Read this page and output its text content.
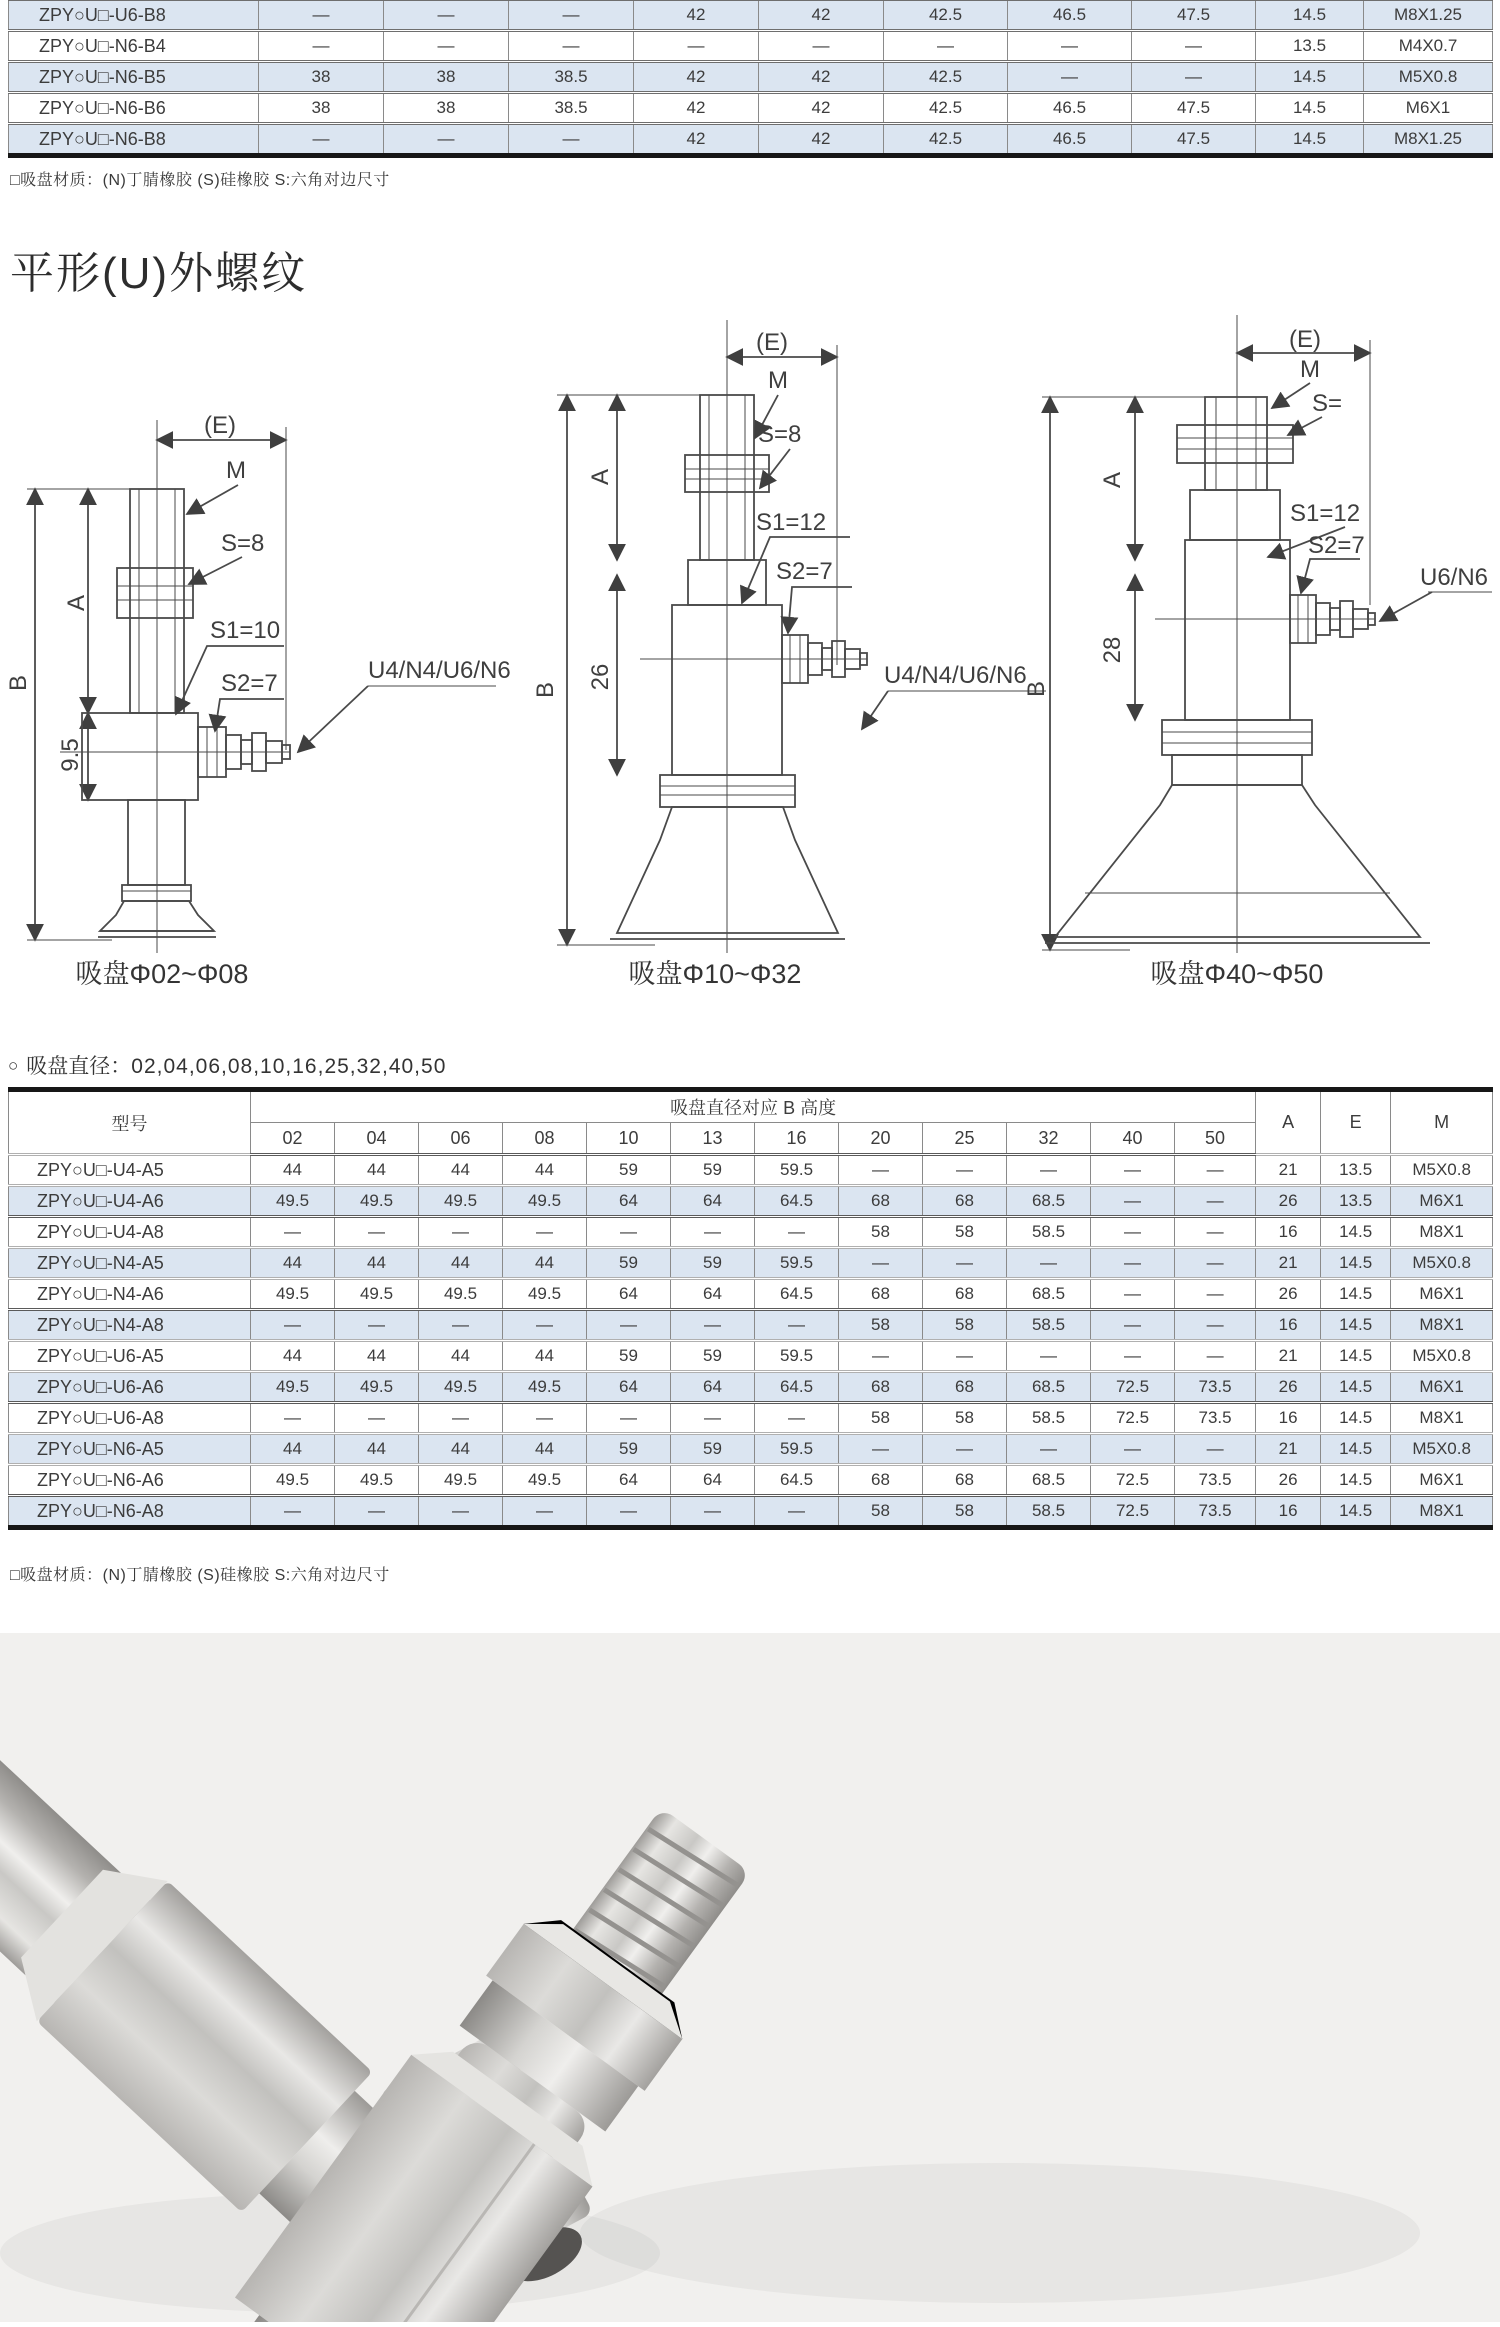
ZPY○U□-U6-B8	—	—	—	42	42	42.5	46.5	47.5	14.5	M8X1.25
ZPY○U□-N6-B4	—	—	—	—	—	—	—	—	13.5	M4X0.7
ZPY○U□-N6-B5	38	38	38.5	42	42	42.5	—	—	14.5	M5X0.8
ZPY○U□-N6-B6	38	38	38.5	42	42	42.5	46.5	47.5	14.5	M6X1
ZPY○U□-N6-B8	—	—	—	42	42	42.5	46.5	47.5	14.5	M8X1.25
□吸盘材质：(N)丁腈橡胶 (S)硅橡胶 S:六角对边尺寸
平形(U)外螺纹
(E)
M
S=8
S1=10
S2=7
A
B
9.5
U4/N4/U6/N6
吸盘Φ02~Φ08
(E)
M
S=8
S1=12
S2=7
A
B 26	U4/N4/U6/N6
吸盘Φ10~Φ32
(E)
M
S=
S1=12
S2=7
A
B
28
U6/N6
吸盘Φ40~Φ50
○ 吸盘直径：02,04,06,08,10,16,25,32,40,50
型号	吸盘直径对应 B 高度												A	E	M
	02	04	06	08	10	13	16	20	25	32	40	50			
ZPY○U□-U4-A5	44	44	44	44	59	59	59.5	—	—	—	—	—	21	13.5	M5X0.8
ZPY○U□-U4-A6	49.5	49.5	49.5	49.5	64	64	64.5	68	68	68.5	—	—	26	13.5	M6X1
ZPY○U□-U4-A8	—	—	—	—	—	—	—	58	58	58.5	—	—	16	14.5	M8X1
ZPY○U□-N4-A5	44	44	44	44	59	59	59.5	—	—	—	—	—	21	14.5	M5X0.8
ZPY○U□-N4-A6	49.5	49.5	49.5	49.5	64	64	64.5	68	68	68.5	—	—	26	14.5	M6X1
ZPY○U□-N4-A8	—	—	—	—	—	—	—	58	58	58.5	—	—	16	14.5	M8X1
ZPY○U□-U6-A5	44	44	44	44	59	59	59.5	—	—	—	—	—	21	14.5	M5X0.8
ZPY○U□-U6-A6	49.5	49.5	49.5	49.5	64	64	64.5	68	68	68.5	72.5	73.5	26	14.5	M6X1
ZPY○U□-U6-A8	—	—	—	—	—	—	—	58	58	58.5	72.5	73.5	16	14.5	M8X1
ZPY○U□-N6-A5	44	44	44	44	59	59	59.5	—	—	—	—	—	21	14.5	M5X0.8
ZPY○U□-N6-A6	49.5	49.5	49.5	49.5	64	64	64.5	68	68	68.5	72.5	73.5	26	14.5	M6X1
ZPY○U□-N6-A8	—	—	—	—	—	—	—	58	58	58.5	72.5	73.5	16	14.5	M8X1
□吸盘材质：(N)丁腈橡胶 (S)硅橡胶 S:六角对边尺寸
